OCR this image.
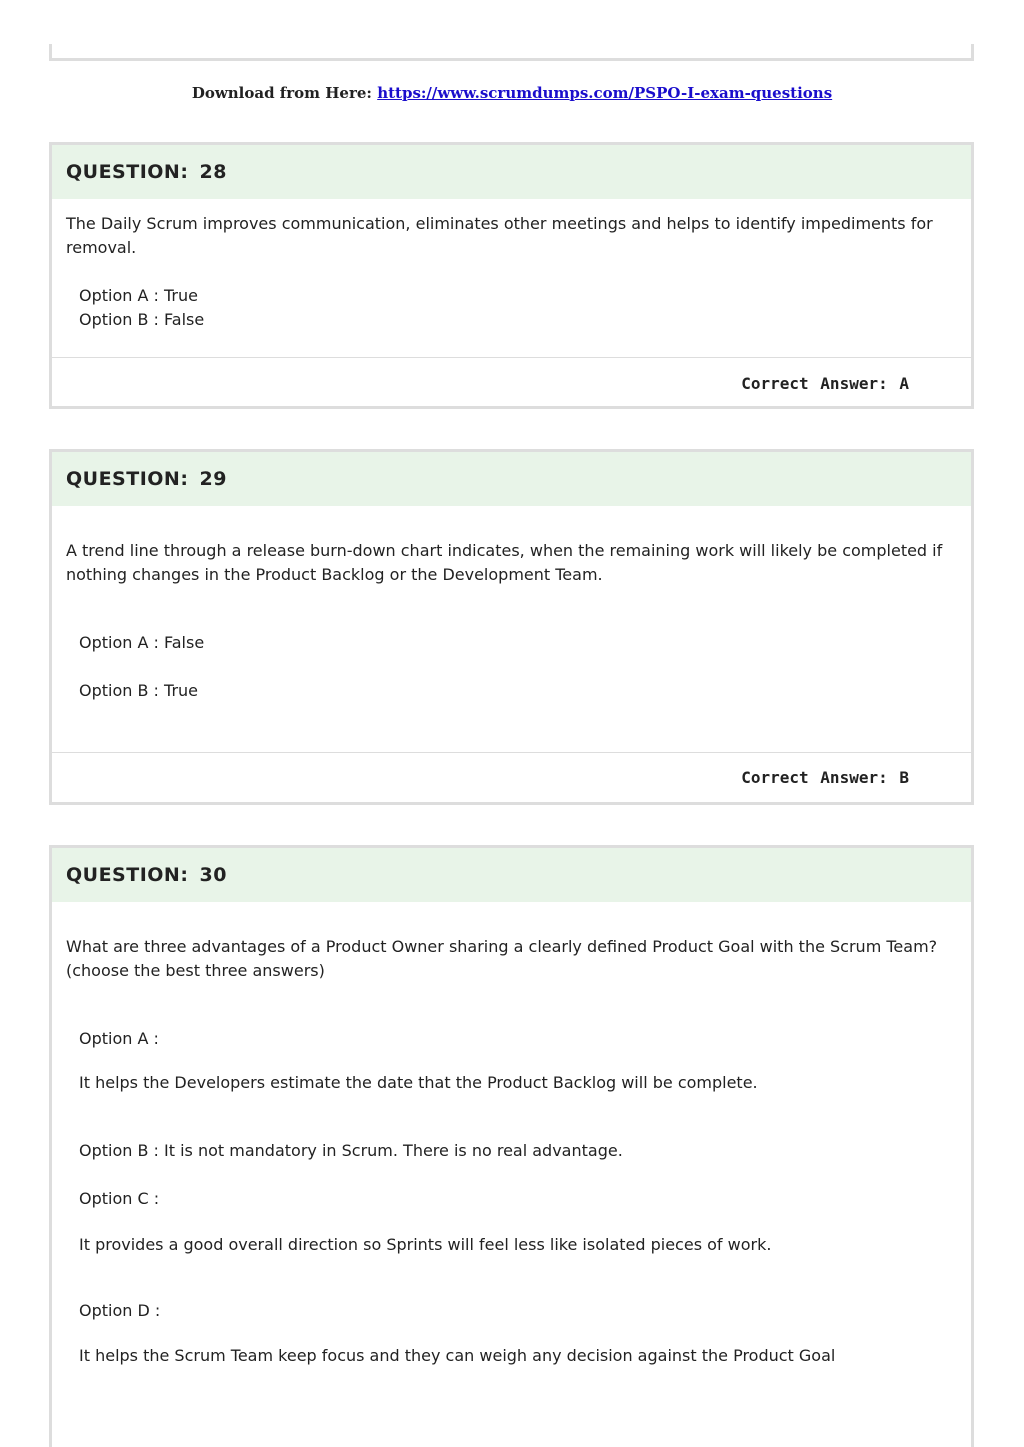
Download from Here: https://www.scrumdumps.com/PSPO-I-exam-questions
QUESTION: 28
The Daily Scrum improves communication, eliminates other meetings and helps to identify impediments for removal.
Option A : True
Option B : False
Correct Answer: A
QUESTION: 29
A trend line through a release burn-down chart indicates, when the remaining work will likely be completed if nothing changes in the Product Backlog or the Development Team.
Option A : False
Option B : True
Correct Answer: B
QUESTION: 30
What are three advantages of a Product Owner sharing a clearly defined Product Goal with the Scrum Team? (choose the best three answers)
Option A :
It helps the Developers estimate the date that the Product Backlog will be complete.
Option B : It is not mandatory in Scrum. There is no real advantage.
Option C :
It provides a good overall direction so Sprints will feel less like isolated pieces of work.
Option D :
It helps the Scrum Team keep focus and they can weigh any decision against the Product Goal
